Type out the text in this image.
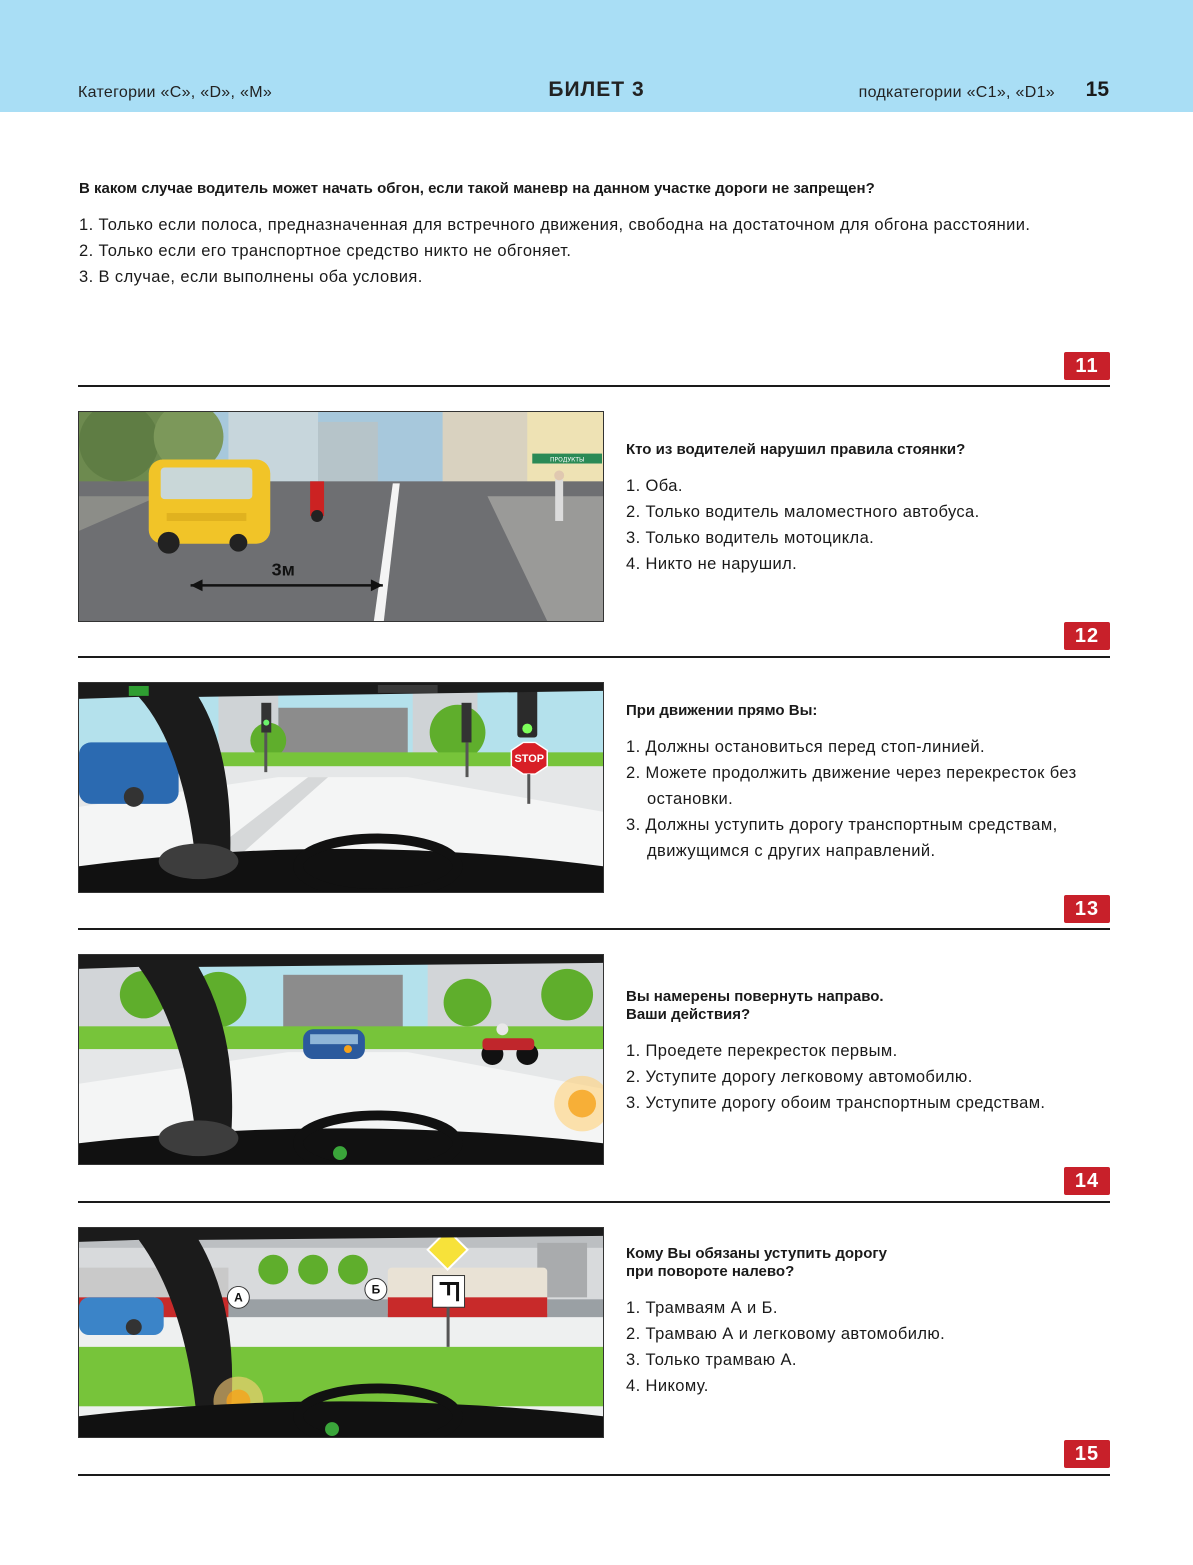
Категории «C», «D», «M»	БИЛЕТ 3	подкатегории «C1», «D1» 15

В каком случае водитель может начать обгон, если такой маневр на данном участке дороги не запрещен?

1. Только если полоса, предназначенная для встречного движения, свободна на достаточном для обгона расстоянии.
2. Только если его транспортное средство никто не обгоняет.
3. В случае, если выполнены оба условия.
11
ПРОДУКТЫ
3м

Кто из водителей нарушил правила стоянки?

1. Оба.
2. Только водитель маломестного автобуса.
3. Только водитель мотоцикла.
4. Никто не нарушил.
12
STOP

При движении прямо Вы:

1. Должны остановиться перед стоп-линией.
2. Можете продолжить движение через перекресток без остановки.
3. Должны уступить дорогу транспортным средствам, движущимся с других направлений.
13

Вы намерены повернуть направо.
Ваши действия?

1. Проедете перекресток первым.
2. Уступите дорогу легковому автомобилю.
3. Уступите дорогу обоим транспортным средствам.
14
А
Б

Кому Вы обязаны уступить дорогу
при повороте налево?

1. Трамваям А и Б.
2. Трамваю А и легковому автомобилю.
3. Только трамваю А.
4. Никому.
15
